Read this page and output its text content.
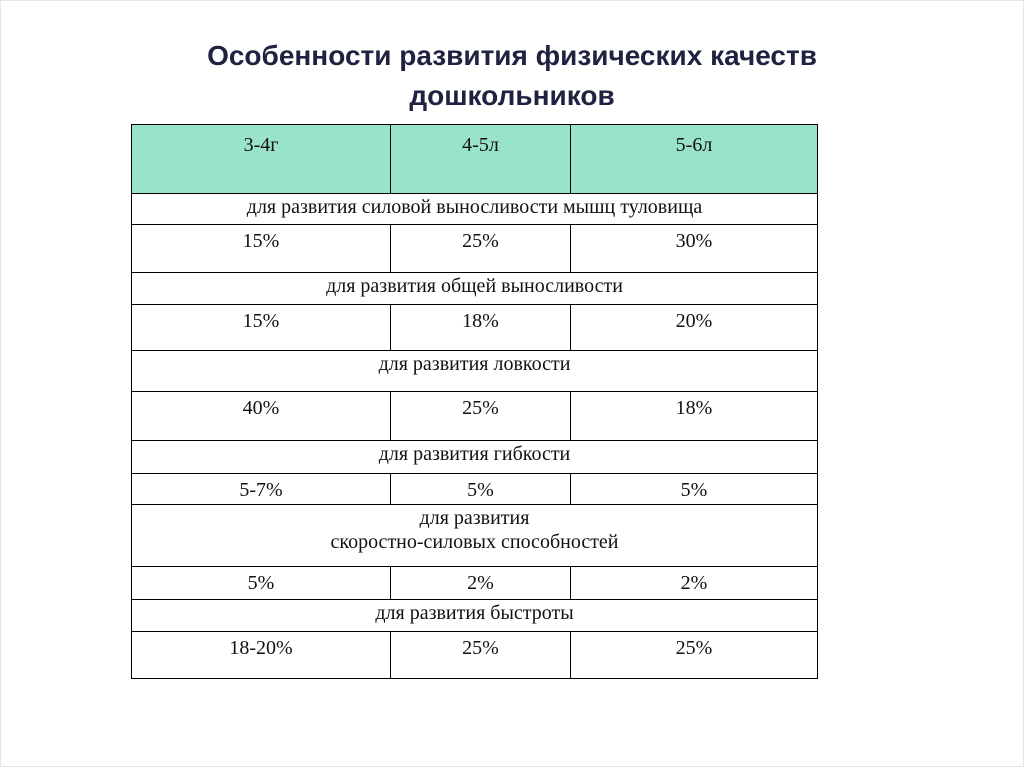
Особенности развития физических качеств
дошкольников
3-4г	4-5л	5-6л
для развития силовой выносливости мышц туловища		
15%	25%	30%
для развития общей выносливости		
15%	18%	20%
для развития ловкости		
40%	25%	18%
для развития гибкости		
5-7%	5%	5%

для развития
скоростно-силовых способностей		

5%	2%	2%
для развития быстроты		
18-20%	25%	25%
